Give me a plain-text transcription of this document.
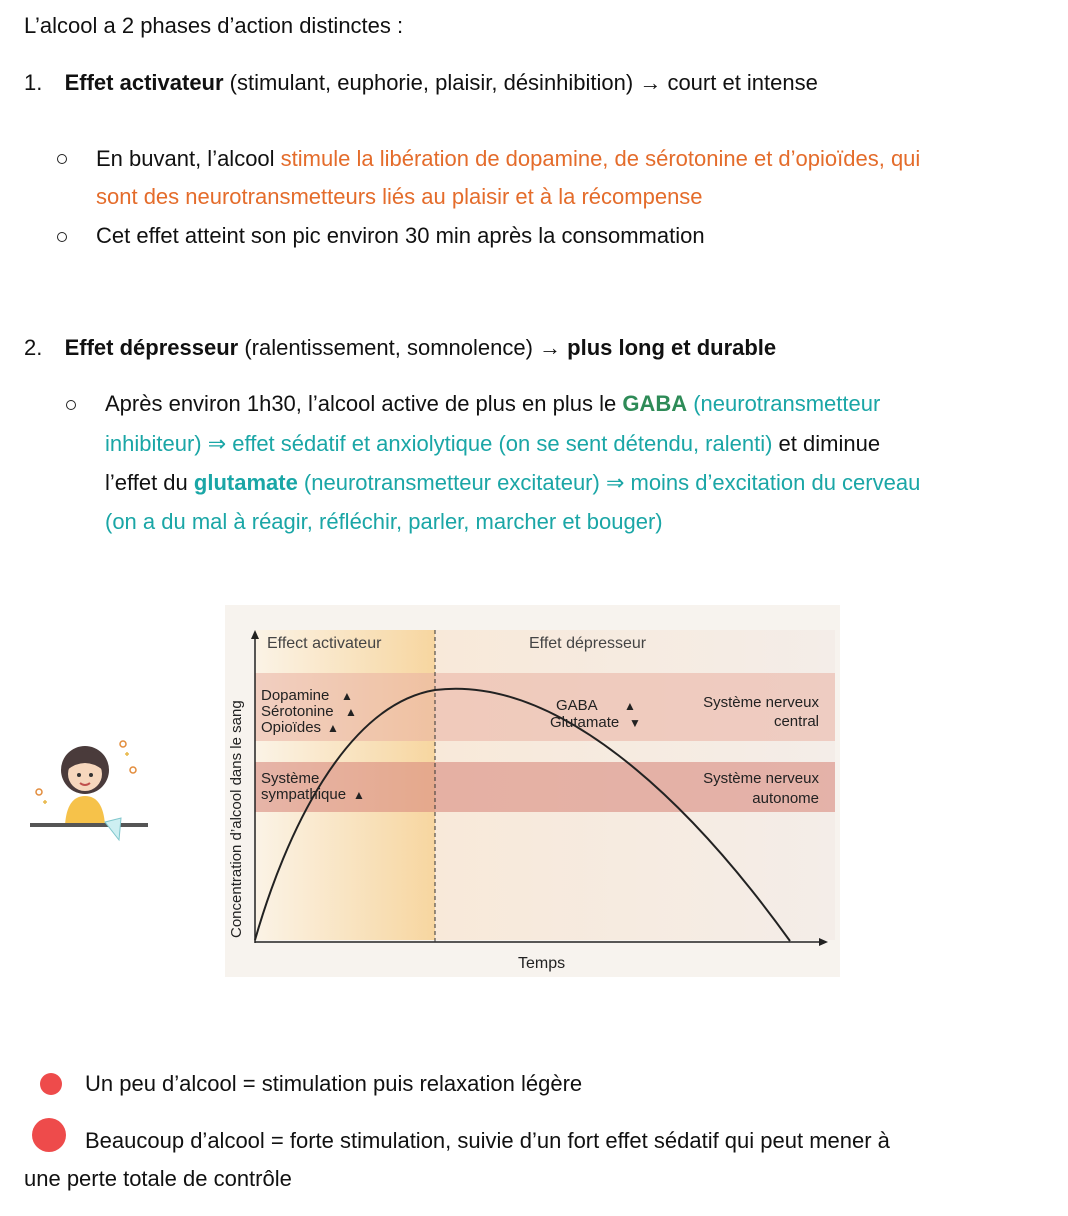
L’alcool a 2 phases d’action distinctes :
1. Effet activateur (stimulant, euphorie, plaisir, désinhibition) → court et intense
En buvant, l’alcool stimule la libération de dopamine, de sérotonine et d’opioïdes, qui
sont des neurotransmetteurs liés au plaisir et à la récompense
Cet effet atteint son pic environ 30 min après la consommation
2. Effet dépresseur (ralentissement, somnolence) → plus long et durable
Après environ 1h30, l’alcool active de plus en plus le GABA (neurotransmetteur
inhibiteur) ⇒ effet sédatif et anxiolytique (on se sent détendu, ralenti) et diminue
l’effet du glutamate (neurotransmetteur excitateur) ⇒ moins d’excitation du cerveau
(on a du mal à réagir, réfléchir, parler, marcher et bouger)
Effect activateur	Effet dépresseur
Concentration d’alcool dans le sang
Temps
Dopamine ▲
Sérotonine ▲
Opioïdes ▲
GABA ▲
Glutamate ▼
Système nerveux
central
Système
sympathique ▲
Système nerveux
autonome
Un peu d’alcool = stimulation puis relaxation légère
Beaucoup d’alcool = forte stimulation, suivie d’un fort effet sédatif qui peut mener à
une perte totale de contrôle
